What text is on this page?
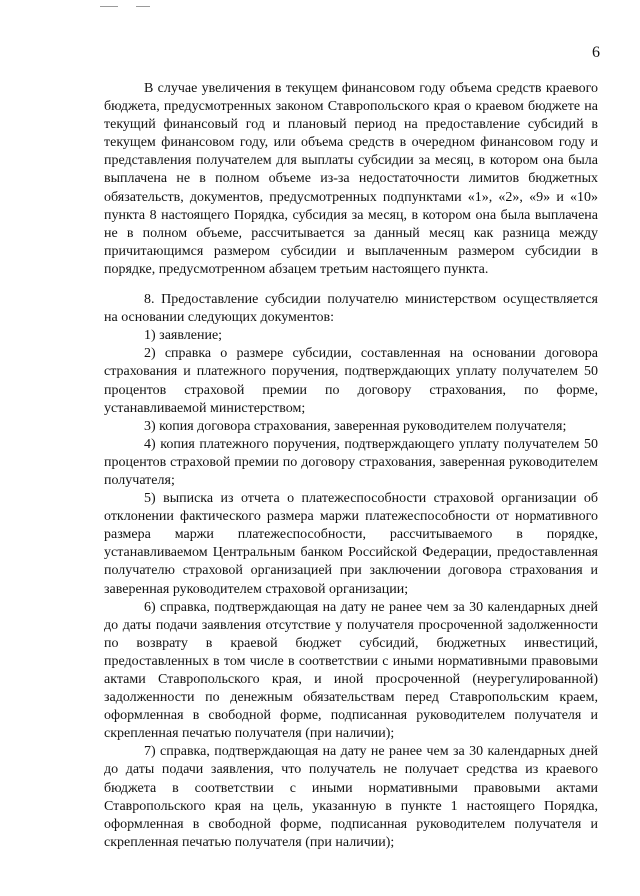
6

В случае увеличения в текущем финансовом году объема средств краевого бюджета, предусмотренных законом Ставропольского края о краевом бюджете на текущий финансовый год и плановый период на предоставление субсидий в текущем финансовом году, или объема средств в очередном финансовом году и представления получателем для выплаты субсидии за месяц, в котором она была выплачена не в полном объеме из-за недостаточности лимитов бюджетных обязательств, документов, предусмотренных подпунктами «1», «2», «9» и «10» пункта 8 настоящего Порядка, субсидия за месяц, в котором она была выплачена не в полном объеме, рассчитывается за данный месяц как разница между причитающимся размером субсидии и выплаченным размером субсидии в порядке, предусмотренном абзацем третьим настоящего пункта.

8. Предоставление субсидии получателю министерством осуществляется на основании следующих документов:

1) заявление;

2) справка о размере субсидии, составленная на основании договора страхования и платежного поручения, подтверждающих уплату получателем 50 процентов страховой премии по договору страхования, по форме, устанавливаемой министерством;

3) копия договора страхования, заверенная руководителем получателя;

4) копия платежного поручения, подтверждающего уплату получателем 50 процентов страховой премии по договору страхования, заверенная руководителем получателя;

5) выписка из отчета о платежеспособности страховой организации об отклонении фактического размера маржи платежеспособности от нормативного размера маржи платежеспособности, рассчитываемого в порядке, устанавливаемом Центральным банком Российской Федерации, предоставленная получателю страховой организацией при заключении договора страхования и заверенная руководителем страховой организации;

6) справка, подтверждающая на дату не ранее чем за 30 календарных дней до даты подачи заявления отсутствие у получателя просроченной задолженности по возврату в краевой бюджет субсидий, бюджетных инвестиций, предоставленных в том числе в соответствии с иными нормативными правовыми актами Ставропольского края, и иной просроченной (неурегулированной) задолженности по денежным обязательствам перед Ставропольским краем, оформленная в свободной форме, подписанная руководителем получателя и скрепленная печатью получателя (при наличии);

7) справка, подтверждающая на дату не ранее чем за 30 календарных дней до даты подачи заявления, что получатель не получает средства из краевого бюджета в соответствии с иными нормативными правовыми актами Ставропольского края на цель, указанную в пункте 1 настоящего Порядка, оформленная в свободной форме, подписанная руководителем получателя и скрепленная печатью получателя (при наличии);
